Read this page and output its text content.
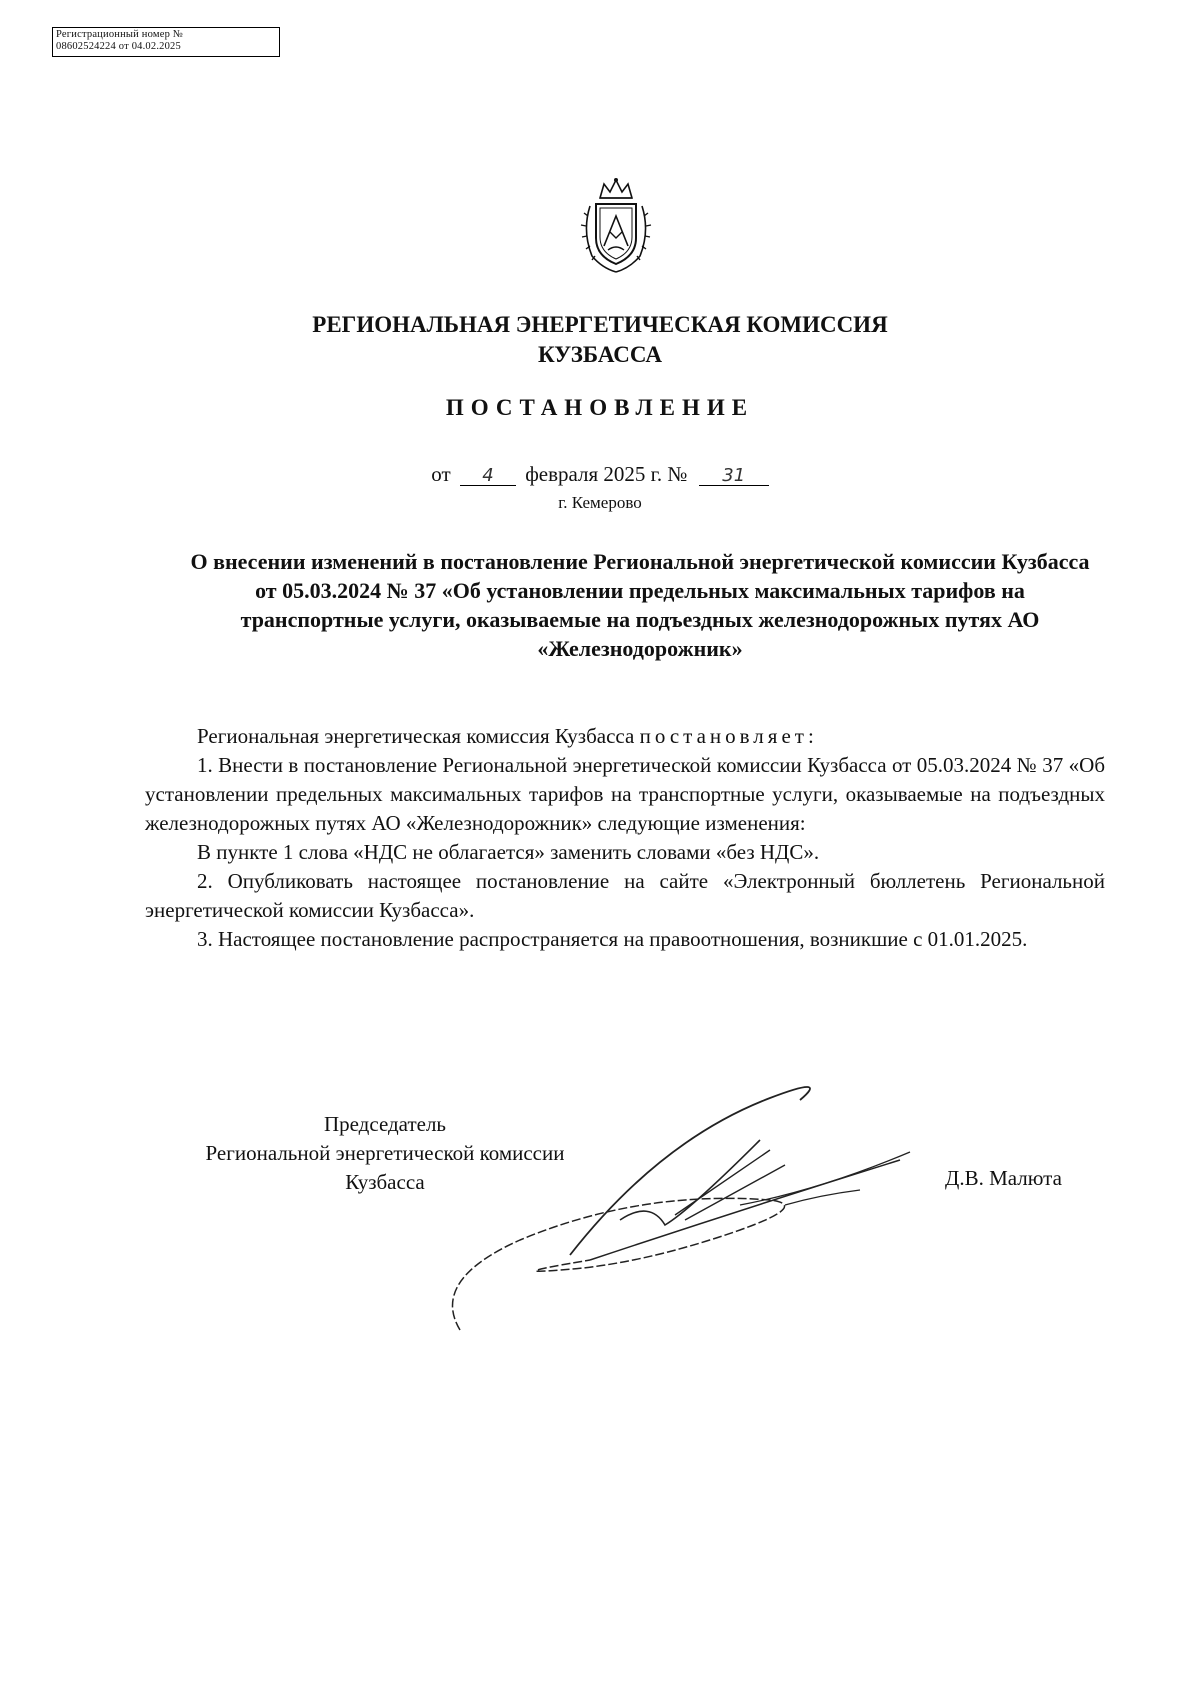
Регистрационный номер №
08602524224 от 04.02.2025
РЕГИОНАЛЬНАЯ ЭНЕРГЕТИЧЕСКАЯ КОМИССИЯ
КУЗБАССА
ПОСТАНОВЛЕНИЕ
от 4 февраля 2025 г. № 31
г. Кемерово
О внесении изменений в постановление Региональной энергетической комиссии Кузбасса от 05.03.2024 № 37 «Об установлении предельных максимальных тарифов на транспортные услуги, оказываемые на подъездных железнодорожных путях АО «Железнодорожник»

Региональная энергетическая комиссия Кузбасса постановляет:

1. Внести в постановление Региональной энергетической комиссии Кузбасса от 05.03.2024 № 37 «Об установлении предельных максимальных тарифов на транспортные услуги, оказываемые на подъездных железнодорожных путях АО «Железнодорожник» следующие изменения:

В пункте 1 слова «НДС не облагается» заменить словами «без НДС».

2. Опубликовать настоящее постановление на сайте «Электронный бюллетень Региональной энергетической комиссии Кузбасса».

3. Настоящее постановление распространяется на правоотношения, возникшие с 01.01.2025.

Председатель
Региональной энергетической комиссии
Кузбасса	Д.В. Малюта
